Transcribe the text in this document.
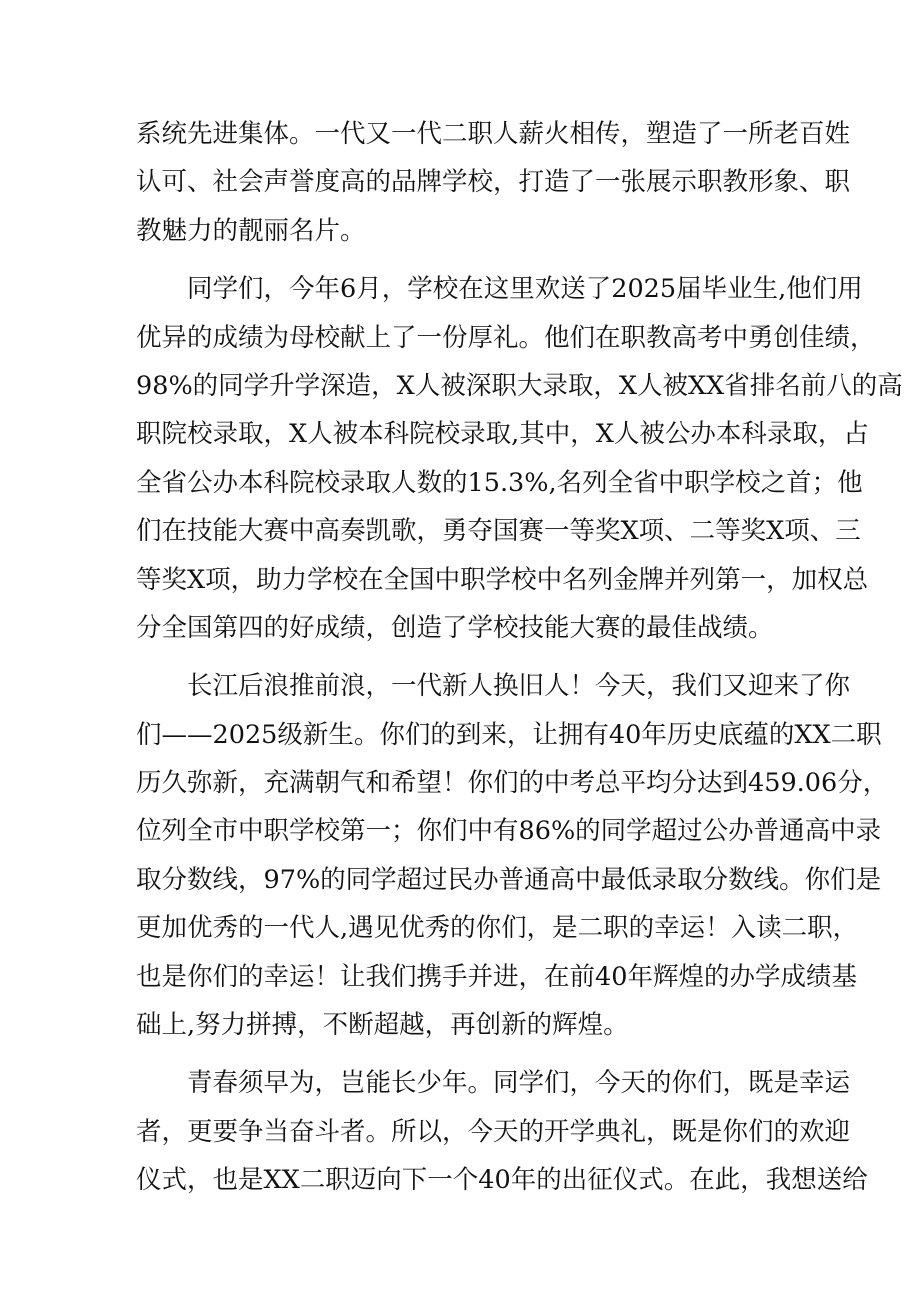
系统先进集体。一代又一代二职人薪火相传，塑造了一所老百姓
认可、社会声誉度高的品牌学校，打造了一张展示职教形象、职
教魅力的靓丽名片。
同学们，今年6月，学校在这里欢送了2025届毕业生,他们用
优异的成绩为母校献上了一份厚礼。他们在职教高考中勇创佳绩，
98%的同学升学深造，X人被深职大录取，X人被XX省排名前八的高
职院校录取，X人被本科院校录取,其中，X人被公办本科录取，占
全省公办本科院校录取人数的15.3%,名列全省中职学校之首；他
们在技能大赛中高奏凯歌，勇夺国赛一等奖X项、二等奖X项、三
等奖X项，助力学校在全国中职学校中名列金牌并列第一，加权总
分全国第四的好成绩，创造了学校技能大赛的最佳战绩。
长江后浪推前浪，一代新人换旧人！今天，我们又迎来了你
们——2025级新生。你们的到来，让拥有40年历史底蕴的XX二职
历久弥新，充满朝气和希望！你们的中考总平均分达到459.06分，
位列全市中职学校第一；你们中有86%的同学超过公办普通高中录
取分数线，97%的同学超过民办普通高中最低录取分数线。你们是
更加优秀的一代人,遇见优秀的你们，是二职的幸运！入读二职，
也是你们的幸运！让我们携手并进，在前40年辉煌的办学成绩基
础上,努力拼搏，不断超越，再创新的辉煌。
青春须早为，岂能长少年。同学们，今天的你们，既是幸运
者，更要争当奋斗者。所以，今天的开学典礼，既是你们的欢迎
仪式，也是XX二职迈向下一个40年的出征仪式。在此，我想送给
